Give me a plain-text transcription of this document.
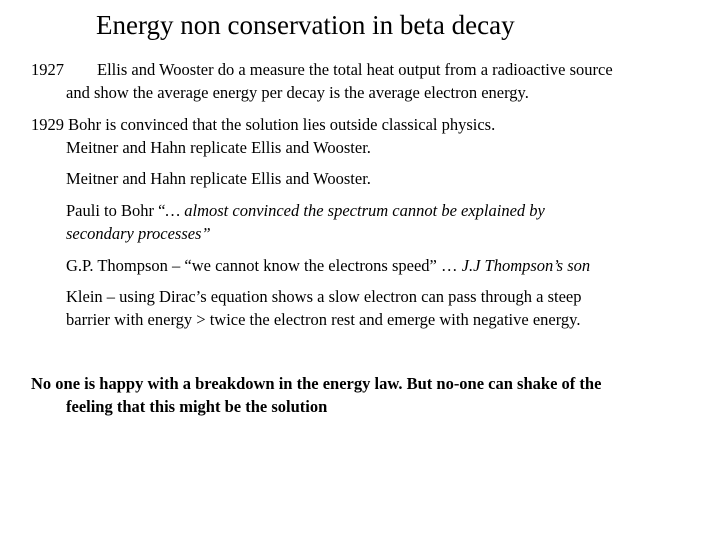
Energy non conservation in beta decay
1927 Ellis and Wooster do a measure the total heat output from a radioactive source
and show the average energy per decay is the average electron energy.
1929 Bohr is convinced that the solution lies outside classical physics.
Meitner and Hahn replicate Ellis and Wooster.
Meitner and Hahn replicate Ellis and Wooster.
Pauli to Bohr “… almost convinced the spectrum cannot be explained by
secondary processes”
G.P. Thompson – “we cannot know the electrons speed” … J.J Thompson’s son
Klein – using Dirac’s equation shows a slow electron can pass through a steep
barrier with energy > twice the electron rest and emerge with negative energy.
No one is happy with a breakdown in the energy law. But no-one can shake of the
feeling that this might be the solution
